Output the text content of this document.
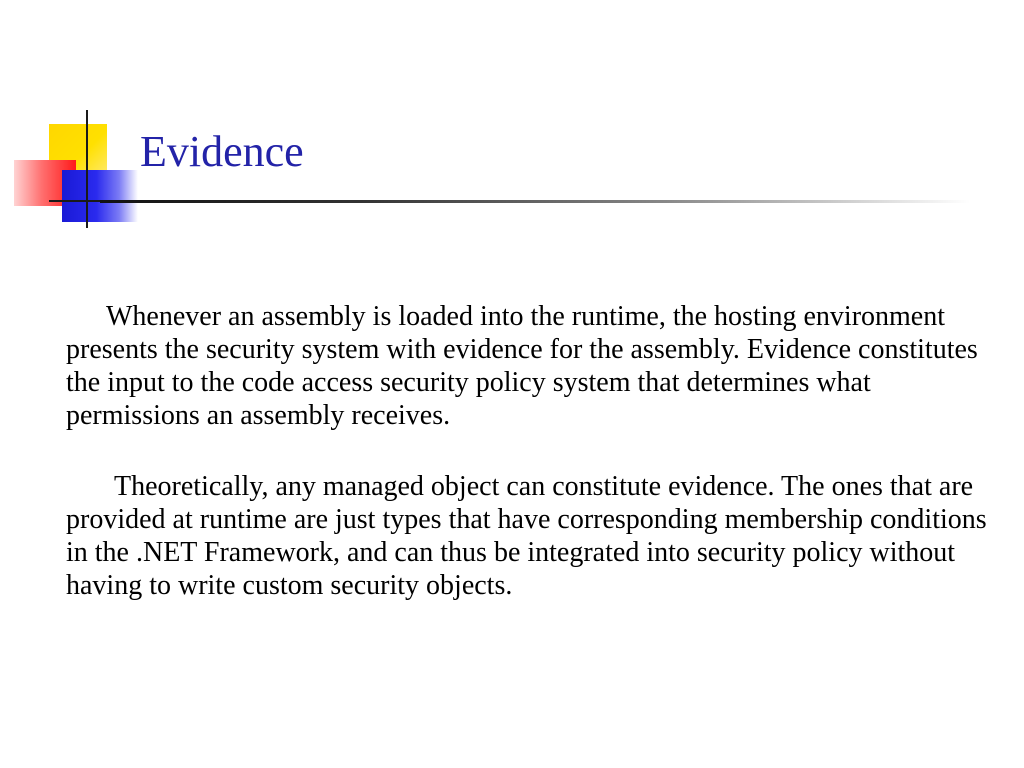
Evidence

Whenever an assembly is loaded into the runtime, the hosting environment presents the security system with evidence for the assembly. Evidence constitutes the input to the code access security policy system that determines what permissions an assembly receives.

Theoretically, any managed object can constitute evidence. The ones that are provided at runtime are just types that have corresponding membership conditions in the .NET Framework, and can thus be integrated into security policy without having to write custom security objects.
